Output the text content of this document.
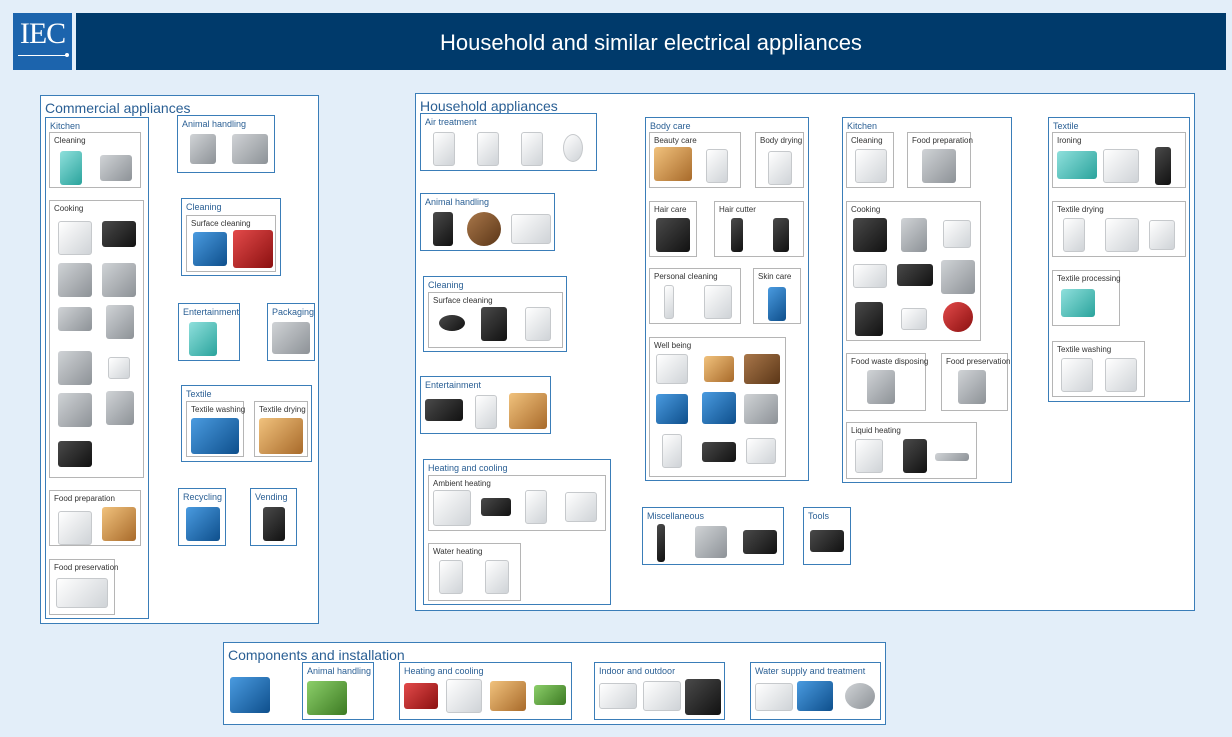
IEC	Household and similar electrical appliances
Commercial appliances
Kitchen
Cleaning
Cooking
Food preparation
Food preservation
Animal handling
Cleaning
Surface cleaning
Entertainment	Packaging
Textile
Textile washing Textile drying
Recycling	Vending
Household appliances
Air treatment
Animal handling
Cleaning
Surface cleaning
Entertainment
Heating and cooling
Ambient heating
Water heating
Body care
Beauty care	Body drying
Hair care	Hair cutter
Personal cleaning	Skin care
Well being
Miscellaneous	Tools
Kitchen
Cleaning	Food preparation
Cooking
Food waste disposing Food preservation
Liquid heating
Textile
Ironing
Textile drying
Textile processing
Textile washing
Components and installation
Animal handling	Heating and cooling	Indoor and outdoor	Water supply and treatment
